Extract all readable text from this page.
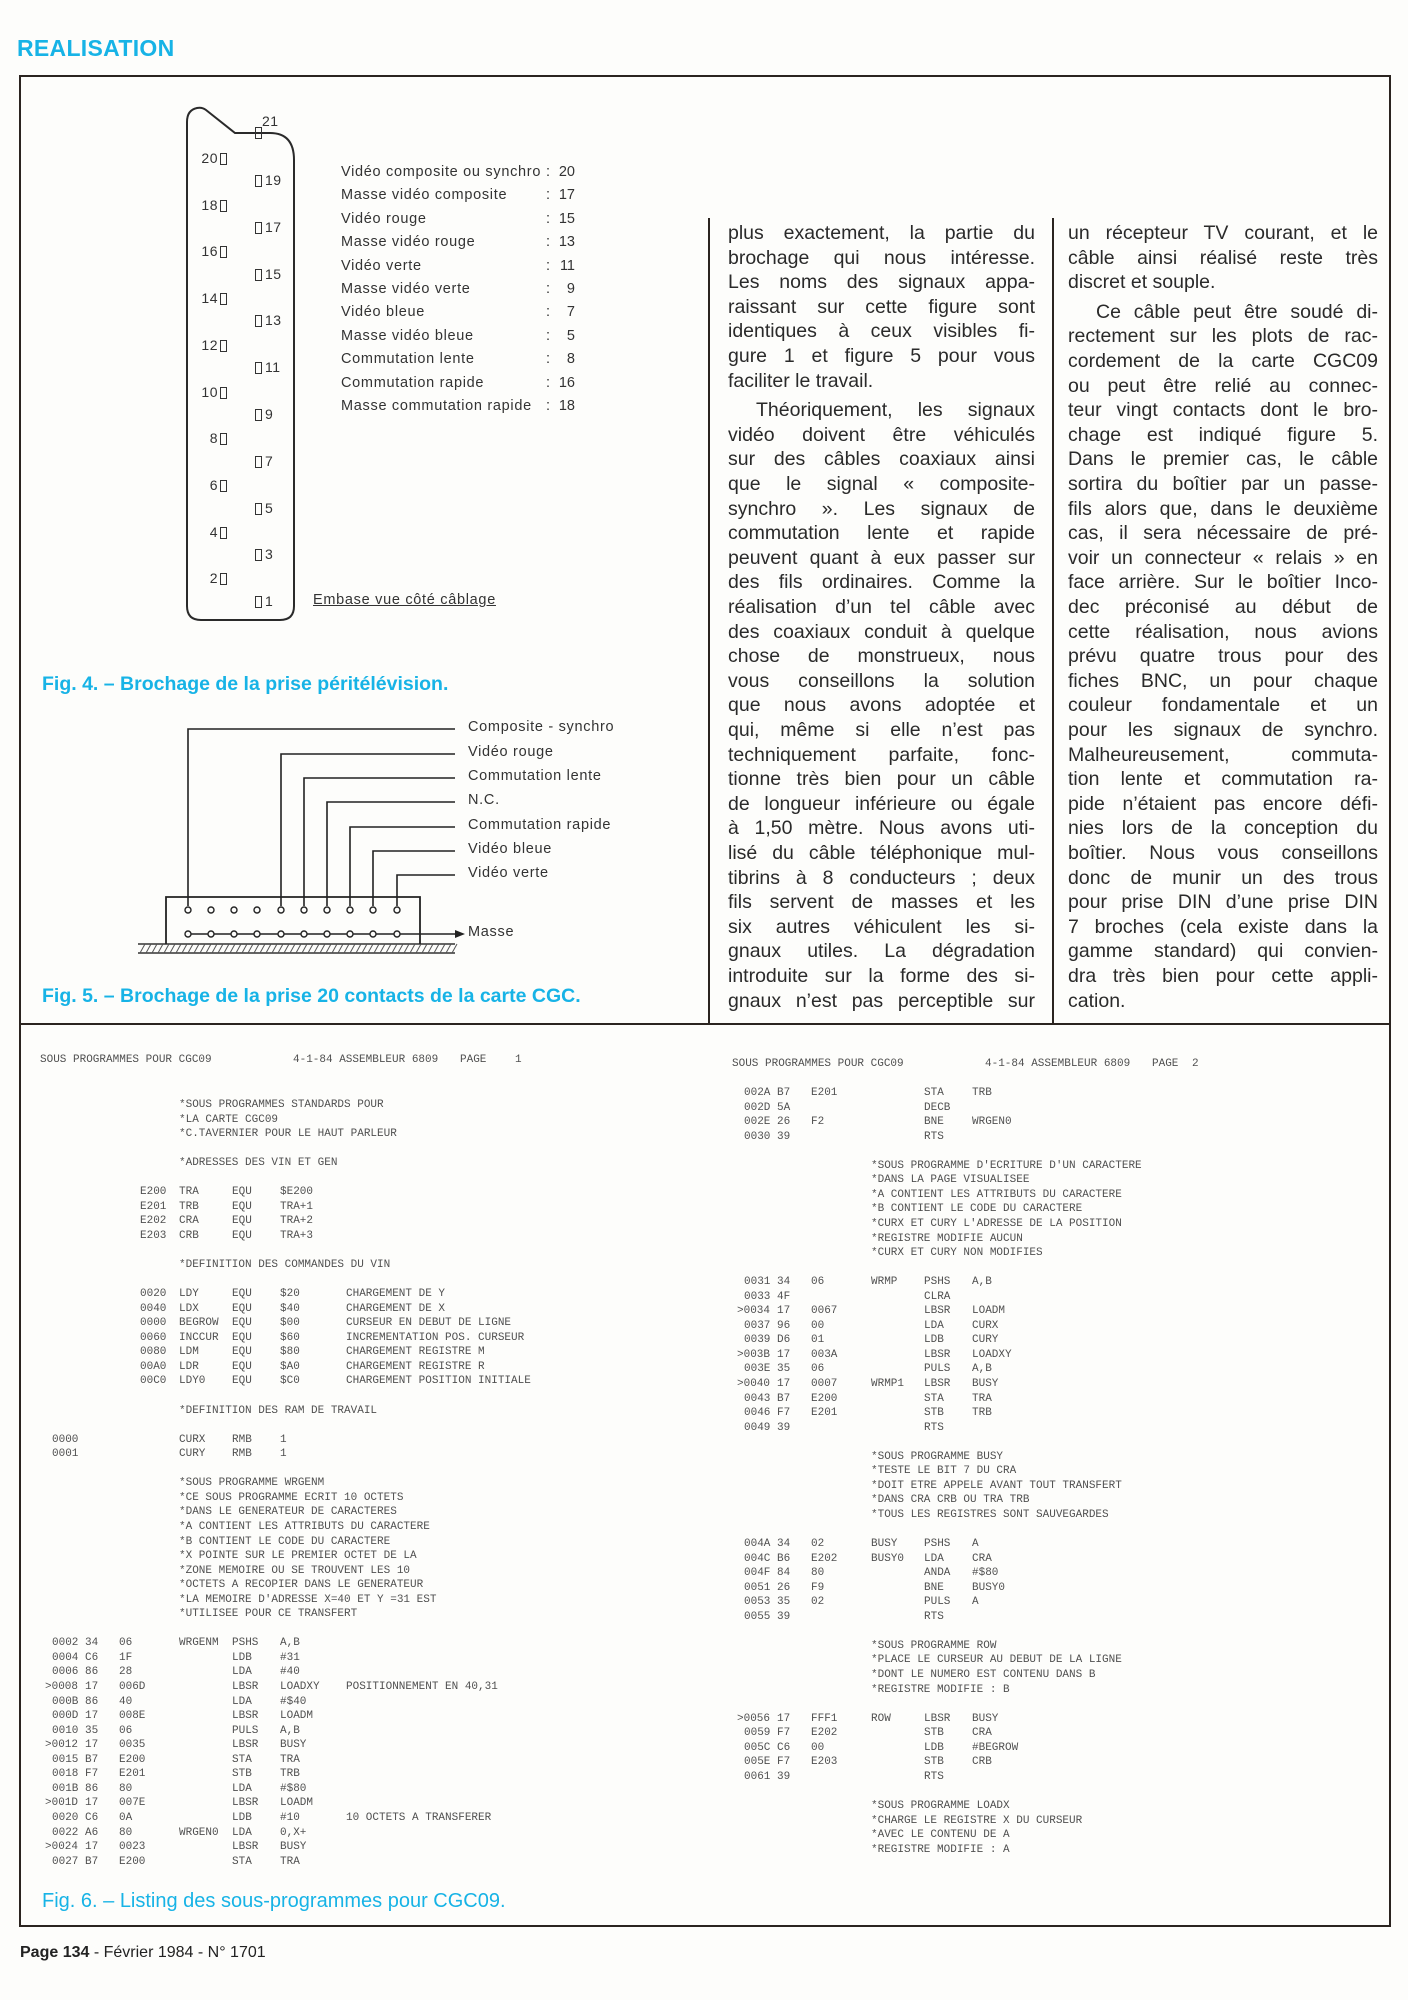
REALISATION
20
18
16
14
12
10
8
6
4
2
19
17
15
13
11
9
7
5
3
1
21
Vidéo composite ou synchro : 20
Masse vidéo composite	: 17
Vidéo rouge	: 15
Masse vidéo rouge	: 13
Vidéo verte	: 11
Masse vidéo verte	:	9
Vidéo bleue	:	7
Masse vidéo bleue	:	5
Commutation lente	:	8
Commutation rapide	: 16
Masse commutation rapide : 18
Embase vue côté câblage
Fig. 4. – Brochage de la prise péritélévision.
Composite - synchro
Vidéo rouge
Commutation lente
N.C.
Commutation rapide
Vidéo bleue
Vidéo verte
Masse
Fig. 5. – Brochage de la prise 20 contacts de la carte CGC.
plus exactement, la partie du
brochage qui nous intéresse.
Les noms des signaux appa-
raissant sur cette figure sont
identiques à ceux visibles fi-
gure 1 et figure 5 pour vous
faciliter le travail.
Théoriquement, les signaux
vidéo doivent être véhiculés
sur des câbles coaxiaux ainsi
que le signal « composite-
synchro ». Les signaux de
commutation lente et rapide
peuvent quant à eux passer sur
des fils ordinaires. Comme la
réalisation d’un tel câble avec
des coaxiaux conduit à quelque
chose de monstrueux, nous
vous conseillons la solution
que nous avons adoptée et
qui, même si elle n’est pas
techniquement parfaite, fonc-
tionne très bien pour un câble
de longueur inférieure ou égale
à 1,50 mètre. Nous avons uti-
lisé du câble téléphonique mul-
tibrins à 8 conducteurs ; deux
fils servent de masses et les
six autres véhiculent les si-
gnaux utiles. La dégradation
introduite sur la forme des si-
gnaux n’est pas perceptible sur
un récepteur TV courant, et le
câble ainsi réalisé reste très
discret et souple.
Ce câble peut être soudé di-
rectement sur les plots de rac-
cordement de la carte CGC09
ou peut être relié au connec-
teur vingt contacts dont le bro-
chage est indiqué figure 5.
Dans le premier cas, le câble
sortira du boîtier par un passe-
fils alors que, dans le deuxième
cas, il sera nécessaire de pré-
voir un connecteur « relais » en
face arrière. Sur le boîtier Inco-
dec préconisé au début de
cette réalisation, nous avions
prévu quatre trous pour des
fiches BNC, un pour chaque
couleur fondamentale et un
pour les signaux de synchro.
Malheureusement, commuta-
tion lente et commutation ra-
pide n’étaient pas encore défi-
nies lors de la conception du
boîtier. Nous vous conseillons
donc de munir un des trous
pour prise DIN d’une prise DIN
7 broches (cela existe dans la
gamme standard) qui convien-
dra très bien pour cette appli-
cation.
SOUS PROGRAMMES POUR CGC09	4-1-84 ASSEMBLEUR 6809 PAGE	1
*SOUS PROGRAMMES STANDARDS POUR
*LA CARTE CGC09
*C.TAVERNIER POUR LE HAUT PARLEUR
*ADRESSES DES VIN ET GEN
E200 TRA	EQU	$E200
E201 TRB	EQU	TRA+1
E202 CRA	EQU	TRA+2
E203 CRB	EQU	TRA+3
*DEFINITION DES COMMANDES DU VIN
0020 LDY	EQU	$20	CHARGEMENT DE Y
0040 LDX	EQU	$40	CHARGEMENT DE X
0000 BEGROW EQU	$00	CURSEUR EN DEBUT DE LIGNE
0060 INCCUR EQU	$60	INCREMENTATION POS. CURSEUR
0080 LDM	EQU	$80	CHARGEMENT REGISTRE M
00A0 LDR	EQU	$A0	CHARGEMENT REGISTRE R
00C0 LDY0 EQU	$C0	CHARGEMENT POSITION INITIALE
*DEFINITION DES RAM DE TRAVAIL
0000	CURX RMB	1
0001	CURY RMB	1
*SOUS PROGRAMME WRGENM
*CE SOUS PROGRAMME ECRIT 10 OCTETS
*DANS LE GENERATEUR DE CARACTERES
*A CONTIENT LES ATTRIBUTS DU CARACTERE
*B CONTIENT LE CODE DU CARACTERE
*X POINTE SUR LE PREMIER OCTET DE LA
*ZONE MEMOIRE OU SE TROUVENT LES 10
*OCTETS A RECOPIER DANS LE GENERATEUR
*LA MEMOIRE D'ADRESSE X=40 ET Y =31 EST
*UTILISEE POUR CE TRANSFERT
0002 34 06	WRGENM PSHS A,B
0004 C6 1F	LDB	#31
0006 86 28	LDA	#40
>0008 17 006D	LBSR LOADXY POSITIONNEMENT EN 40,31
000B 86 40	LDA	#$40
000D 17 008E	LBSR LOADM
0010 35 06	PULS A,B
>0012 17 0035	LBSR BUSY
0015 B7 E200	STA	TRA
0018 F7 E201	STB	TRB
001B 86 80	LDA	#$80
>001D 17 007E	LBSR LOADM
0020 C6 0A	LDB	#10	10 OCTETS A TRANSFERER
0022 A6 80	WRGEN0 LDA	0,X+
>0024 17 0023	LBSR BUSY
0027 B7 E200	STA	TRA
SOUS PROGRAMMES POUR CGC09	4-1-84 ASSEMBLEUR 6809 PAGE 2
002A B7 E201	STA	TRB
002D 5A	DECB
002E 26 F2	BNE	WRGEN0
0030 39	RTS
*SOUS PROGRAMME D'ECRITURE D'UN CARACTERE
*DANS LA PAGE VISUALISEE
*A CONTIENT LES ATTRIBUTS DU CARACTERE
*B CONTIENT LE CODE DU CARACTERE
*CURX ET CURY L'ADRESSE DE LA POSITION
*REGISTRE MODIFIE AUCUN
*CURX ET CURY NON MODIFIES
0031 34 06	WRMP PSHS A,B
0033 4F	CLRA
>0034 17 0067	LBSR LOADM
0037 96 00	LDA	CURX
0039 D6 01	LDB	CURY
>003B 17 003A	LBSR LOADXY
003E 35 06	PULS A,B
>0040 17 0007	WRMP1 LBSR BUSY
0043 B7 E200	STA	TRA
0046 F7 E201	STB	TRB
0049 39	RTS
*SOUS PROGRAMME BUSY
*TESTE LE BIT 7 DU CRA
*DOIT ETRE APPELE AVANT TOUT TRANSFERT
*DANS CRA CRB OU TRA TRB
*TOUS LES REGISTRES SONT SAUVEGARDES
004A 34 02	BUSY PSHS A
004C B6 E202	BUSY0 LDA	CRA
004F 84 80	ANDA #$80
0051 26 F9	BNE	BUSY0
0053 35 02	PULS A
0055 39	RTS
*SOUS PROGRAMME ROW
*PLACE LE CURSEUR AU DEBUT DE LA LIGNE
*DONT LE NUMERO EST CONTENU DANS B
*REGISTRE MODIFIE : B
>0056 17 FFF1	ROW	LBSR BUSY
0059 F7 E202	STB	CRA
005C C6 00	LDB	#BEGROW
005E F7 E203	STB	CRB
0061 39	RTS
*SOUS PROGRAMME LOADX
*CHARGE LE REGISTRE X DU CURSEUR
*AVEC LE CONTENU DE A
*REGISTRE MODIFIE : A
Fig. 6. – Listing des sous-programmes pour CGC09.
Page 134 - Février 1984 - N° 1701
